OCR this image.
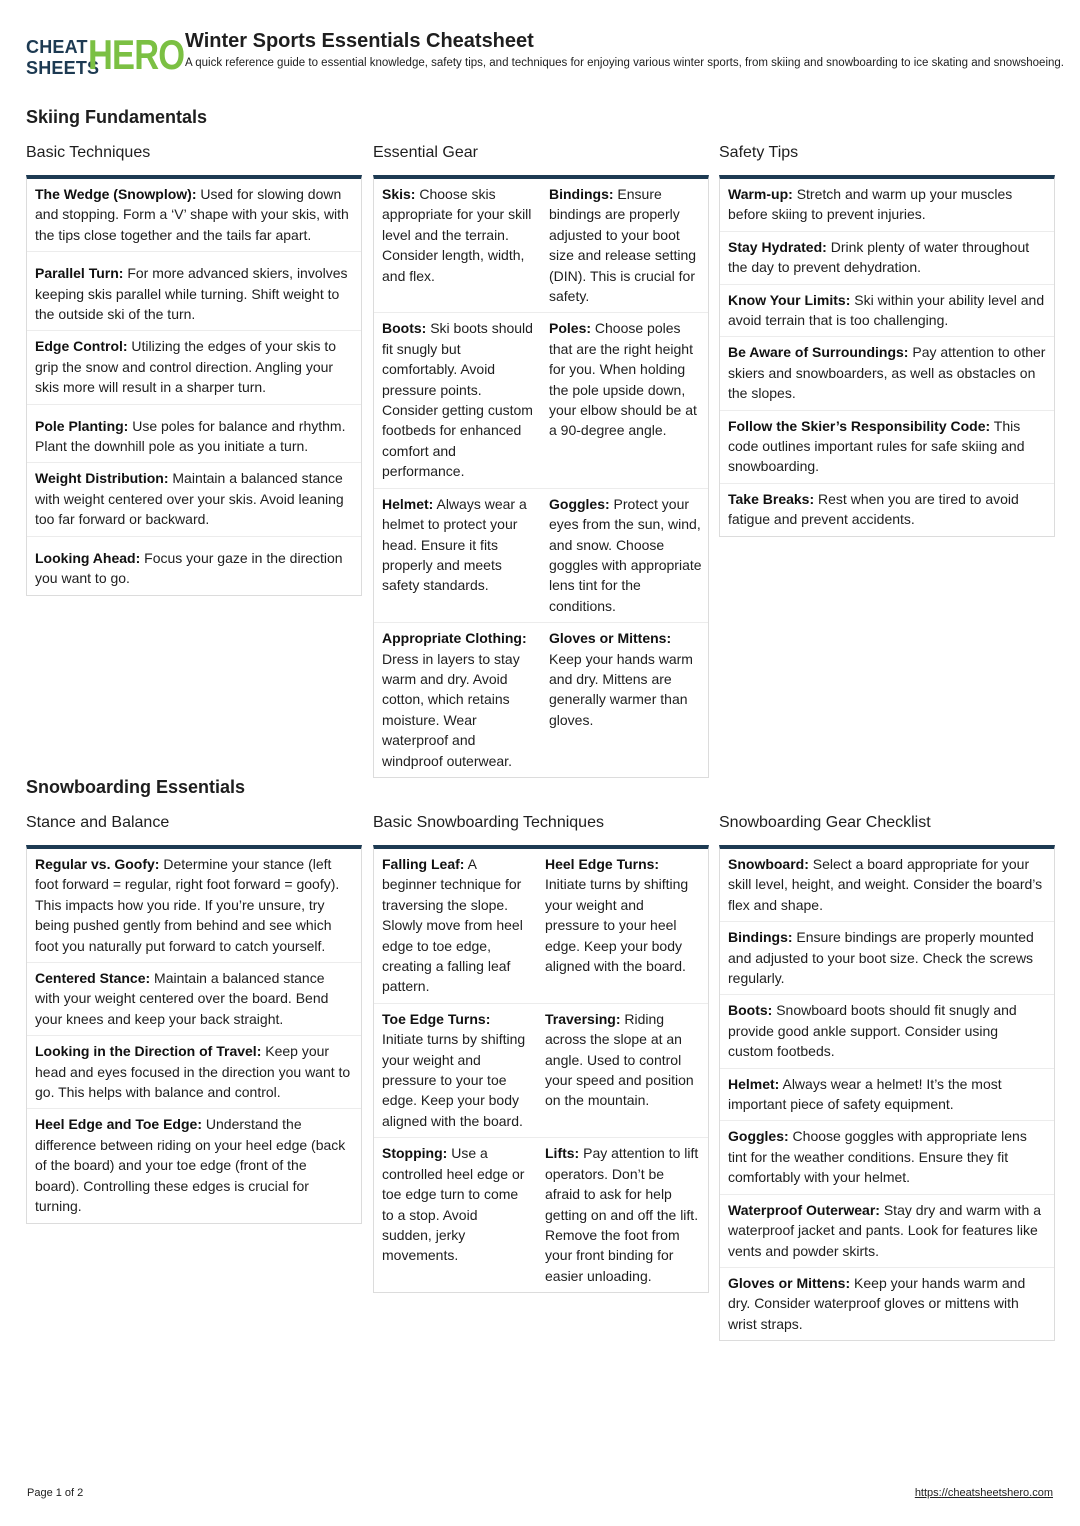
CHEAT
SHEETS
HERO Winter Sports Essentials Cheatsheet
A quick reference guide to essential knowledge, safety tips, and techniques for enjoying various winter sports, from skiing and snowboarding to ice skating and snowshoeing.
Skiing Fundamentals
Basic Techniques
The Wedge (Snowplow): Used for slowing down and stopping. Form a ‘V’ shape with your skis, with the tips close together and the tails far apart.
Parallel Turn: For more advanced skiers, involves keeping skis parallel while turning. Shift weight to the outside ski of the turn.
Edge Control: Utilizing the edges of your skis to grip the snow and control direction. Angling your skis more will result in a sharper turn.
Pole Planting: Use poles for balance and rhythm. Plant the downhill pole as you initiate a turn.
Weight Distribution: Maintain a balanced stance with weight centered over your skis. Avoid leaning too far forward or backward.
Looking Ahead: Focus your gaze in the direction you want to go.
Essential Gear
Skis: Choose skis appropriate for your skill level and the terrain. Consider length, width, and flex.
Bindings: Ensure bindings are properly adjusted to your boot size and release setting (DIN). This is crucial for safety.
Boots: Ski boots should fit snugly but comfortably. Avoid pressure points. Consider getting custom footbeds for enhanced comfort and performance.
Poles: Choose poles that are the right height for you. When holding the pole upside down, your elbow should be at a 90-degree angle.
Helmet: Always wear a helmet to protect your head. Ensure it fits properly and meets safety standards.
Goggles: Protect your eyes from the sun, wind, and snow. Choose goggles with appropriate lens tint for the conditions.
Appropriate Clothing: Dress in layers to stay warm and dry. Avoid cotton, which retains moisture. Wear waterproof and windproof outerwear.
Gloves or Mittens: Keep your hands warm and dry. Mittens are generally warmer than gloves.
Safety Tips
Warm-up: Stretch and warm up your muscles before skiing to prevent injuries.
Stay Hydrated: Drink plenty of water throughout the day to prevent dehydration.
Know Your Limits: Ski within your ability level and avoid terrain that is too challenging.
Be Aware of Surroundings: Pay attention to other skiers and snowboarders, as well as obstacles on the slopes.
Follow the Skier’s Responsibility Code: This code outlines important rules for safe skiing and snowboarding.
Take Breaks: Rest when you are tired to avoid fatigue and prevent accidents.
Snowboarding Essentials
Stance and Balance
Regular vs. Goofy: Determine your stance (left foot forward = regular, right foot forward = goofy). This impacts how you ride. If you’re unsure, try being pushed gently from behind and see which foot you naturally put forward to catch yourself.
Centered Stance: Maintain a balanced stance with your weight centered over the board. Bend your knees and keep your back straight.
Looking in the Direction of Travel: Keep your head and eyes focused in the direction you want to go. This helps with balance and control.
Heel Edge and Toe Edge: Understand the difference between riding on your heel edge (back of the board) and your toe edge (front of the board). Controlling these edges is crucial for turning.
Basic Snowboarding Techniques
Falling Leaf: A beginner technique for traversing the slope. Slowly move from heel edge to toe edge, creating a falling leaf pattern.
Heel Edge Turns: Initiate turns by shifting your weight and pressure to your heel edge. Keep your body aligned with the board.
Toe Edge Turns: Initiate turns by shifting your weight and pressure to your toe edge. Keep your body aligned with the board.
Traversing: Riding across the slope at an angle. Used to control your speed and position on the mountain.
Stopping: Use a controlled heel edge or toe edge turn to come to a stop. Avoid sudden, jerky movements.
Lifts: Pay attention to lift operators. Don’t be afraid to ask for help getting on and off the lift. Remove the foot from your front binding for easier unloading.
Snowboarding Gear Checklist
Snowboard: Select a board appropriate for your skill level, height, and weight. Consider the board’s flex and shape.
Bindings: Ensure bindings are properly mounted and adjusted to your boot size. Check the screws regularly.
Boots: Snowboard boots should fit snugly and provide good ankle support. Consider using custom footbeds.
Helmet: Always wear a helmet! It’s the most important piece of safety equipment.
Goggles: Choose goggles with appropriate lens tint for the weather conditions. Ensure they fit comfortably with your helmet.
Waterproof Outerwear: Stay dry and warm with a waterproof jacket and pants. Look for features like vents and powder skirts.
Gloves or Mittens: Keep your hands warm and dry. Consider waterproof gloves or mittens with wrist straps.
Page 1 of 2	https://cheatsheetshero.com
